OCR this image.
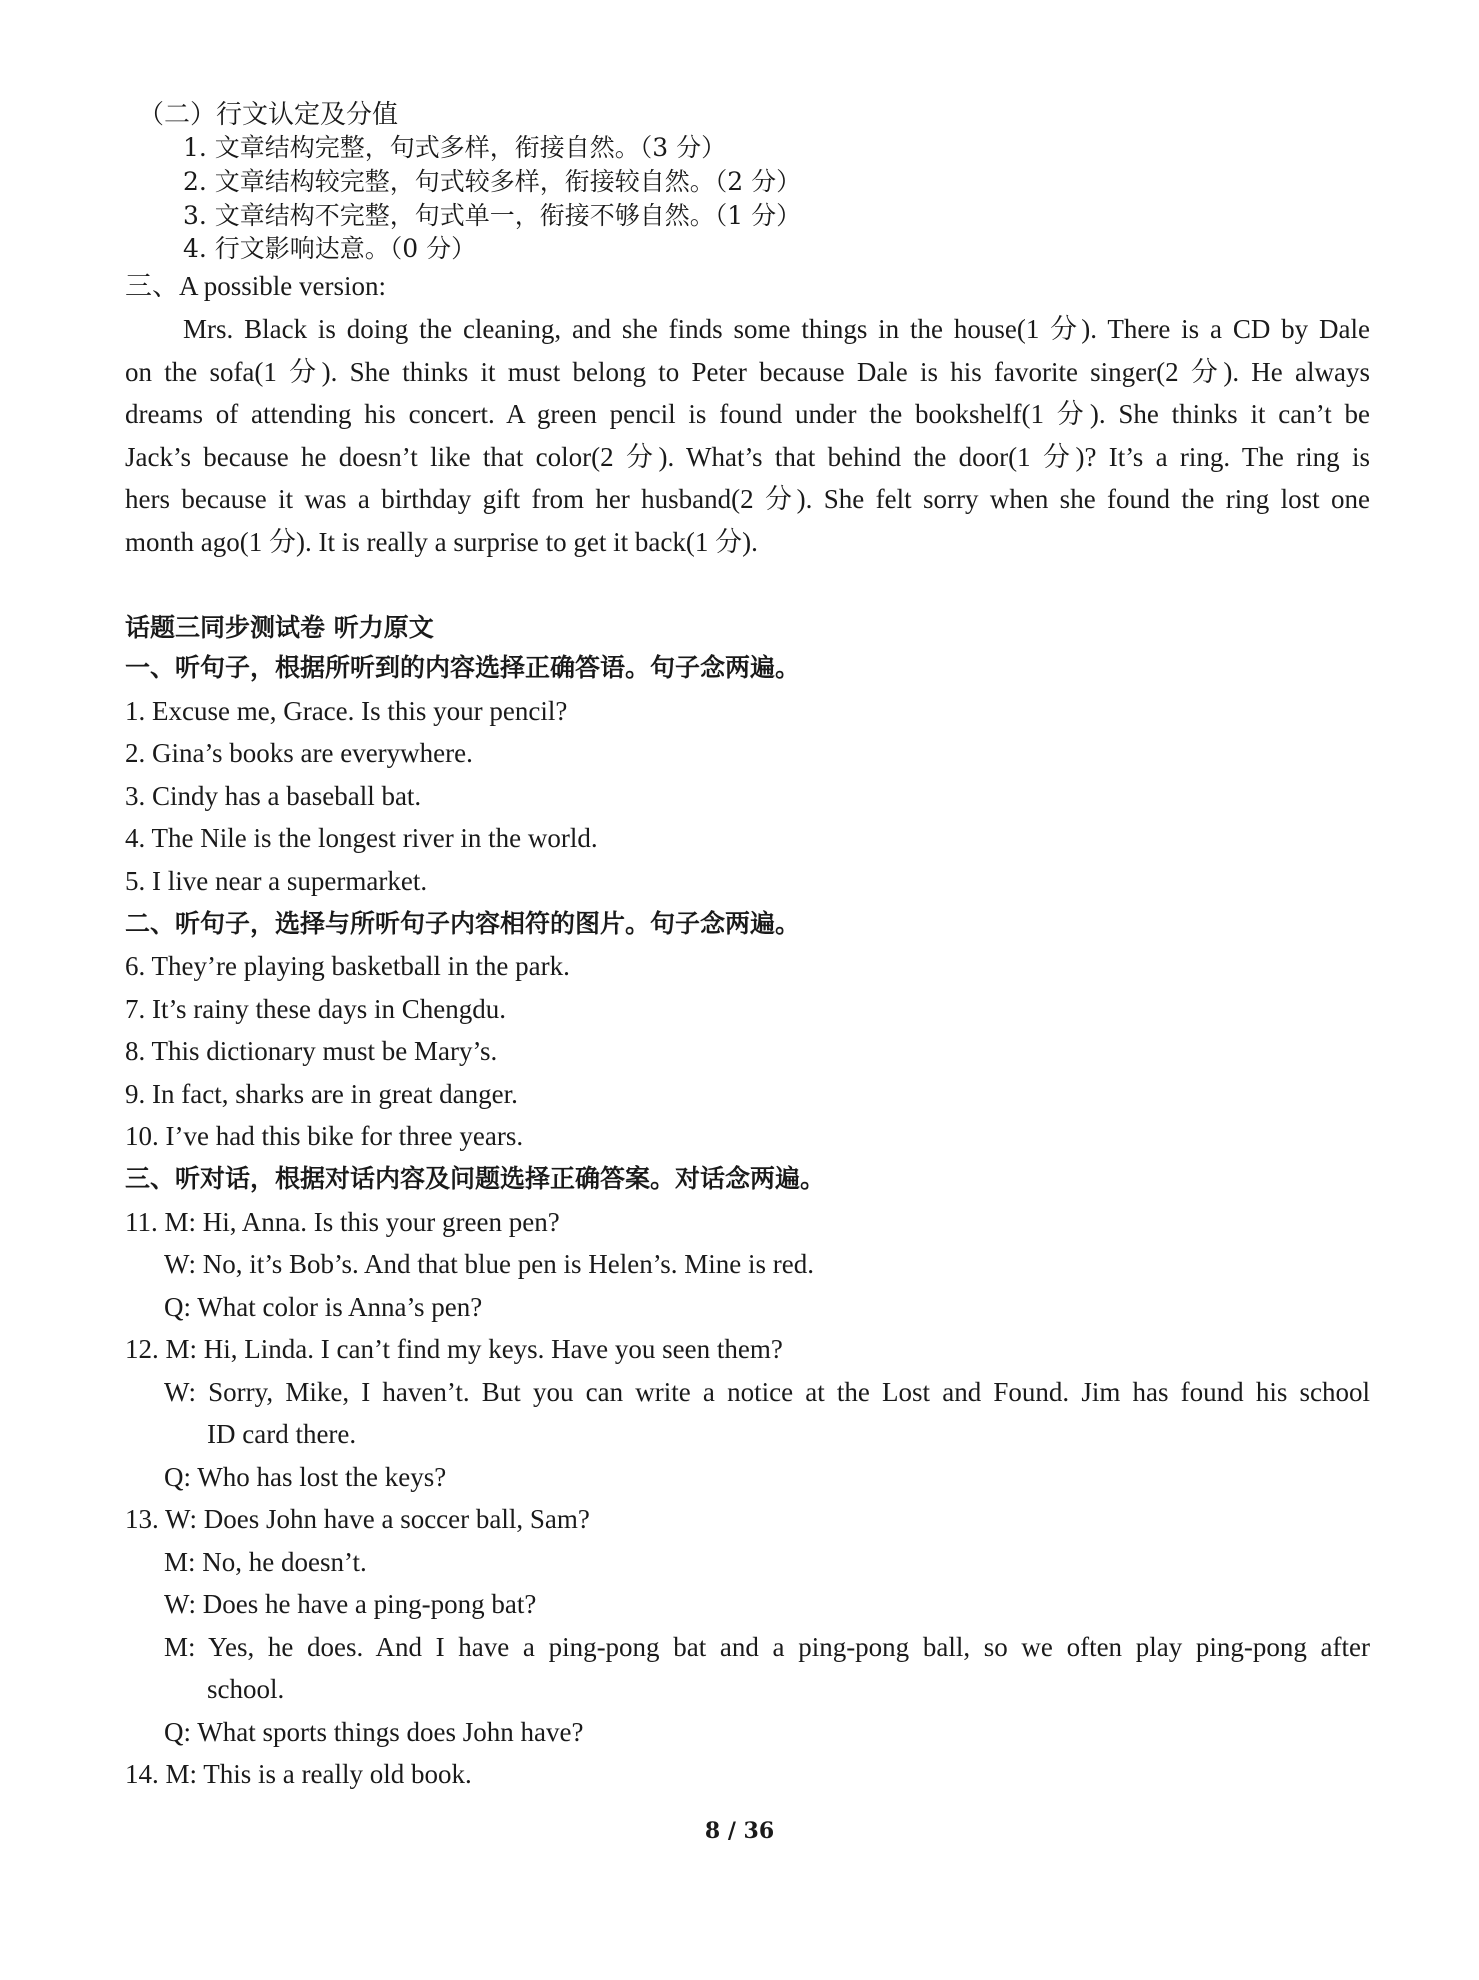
（二）行文认定及分值
1. 文章结构完整，句式多样，衔接自然。（3 分）
2. 文章结构较完整，句式较多样，衔接较自然。（2 分）
3. 文章结构不完整，句式单一，衔接不够自然。（1 分）
4. 行文影响达意。（0 分）
三、A possible version:
Mrs. Black is doing the cleaning, and she finds some things in the house(1 分). There is a CD by Dale
on the sofa(1 分). She thinks it must belong to Peter because Dale is his favorite singer(2 分). He always
dreams of attending his concert. A green pencil is found under the bookshelf(1 分). She thinks it can’t be
Jack’s because he doesn’t like that color(2 分). What’s that behind the door(1 分)? It’s a ring. The ring is
hers because it was a birthday gift from her husband(2 分). She felt sorry when she found the ring lost one
month ago(1 分). It is really a surprise to get it back(1 分).
话题三同步测试卷 听力原文
一、听句子，根据所听到的内容选择正确答语。句子念两遍。
1. Excuse me, Grace. Is this your pencil?
2. Gina’s books are everywhere.
3. Cindy has a baseball bat.
4. The Nile is the longest river in the world.
5. I live near a supermarket.
二、听句子，选择与所听句子内容相符的图片。句子念两遍。
6. They’re playing basketball in the park.
7. It’s rainy these days in Chengdu.
8. This dictionary must be Mary’s.
9. In fact, sharks are in great danger.
10. I’ve had this bike for three years.
三、听对话，根据对话内容及问题选择正确答案。对话念两遍。
11. M: Hi, Anna. Is this your green pen?
W: No, it’s Bob’s. And that blue pen is Helen’s. Mine is red.
Q: What color is Anna’s pen?
12. M: Hi, Linda. I can’t find my keys. Have you seen them?
W: Sorry, Mike, I haven’t. But you can write a notice at the Lost and Found. Jim has found his school
ID card there.
Q: Who has lost the keys?
13. W: Does John have a soccer ball, Sam?
M: No, he doesn’t.
W: Does he have a ping-pong bat?
M: Yes, he does. And I have a ping-pong bat and a ping-pong ball, so we often play ping-pong after
school.
Q: What sports things does John have?
14. M: This is a really old book.
8 / 36
